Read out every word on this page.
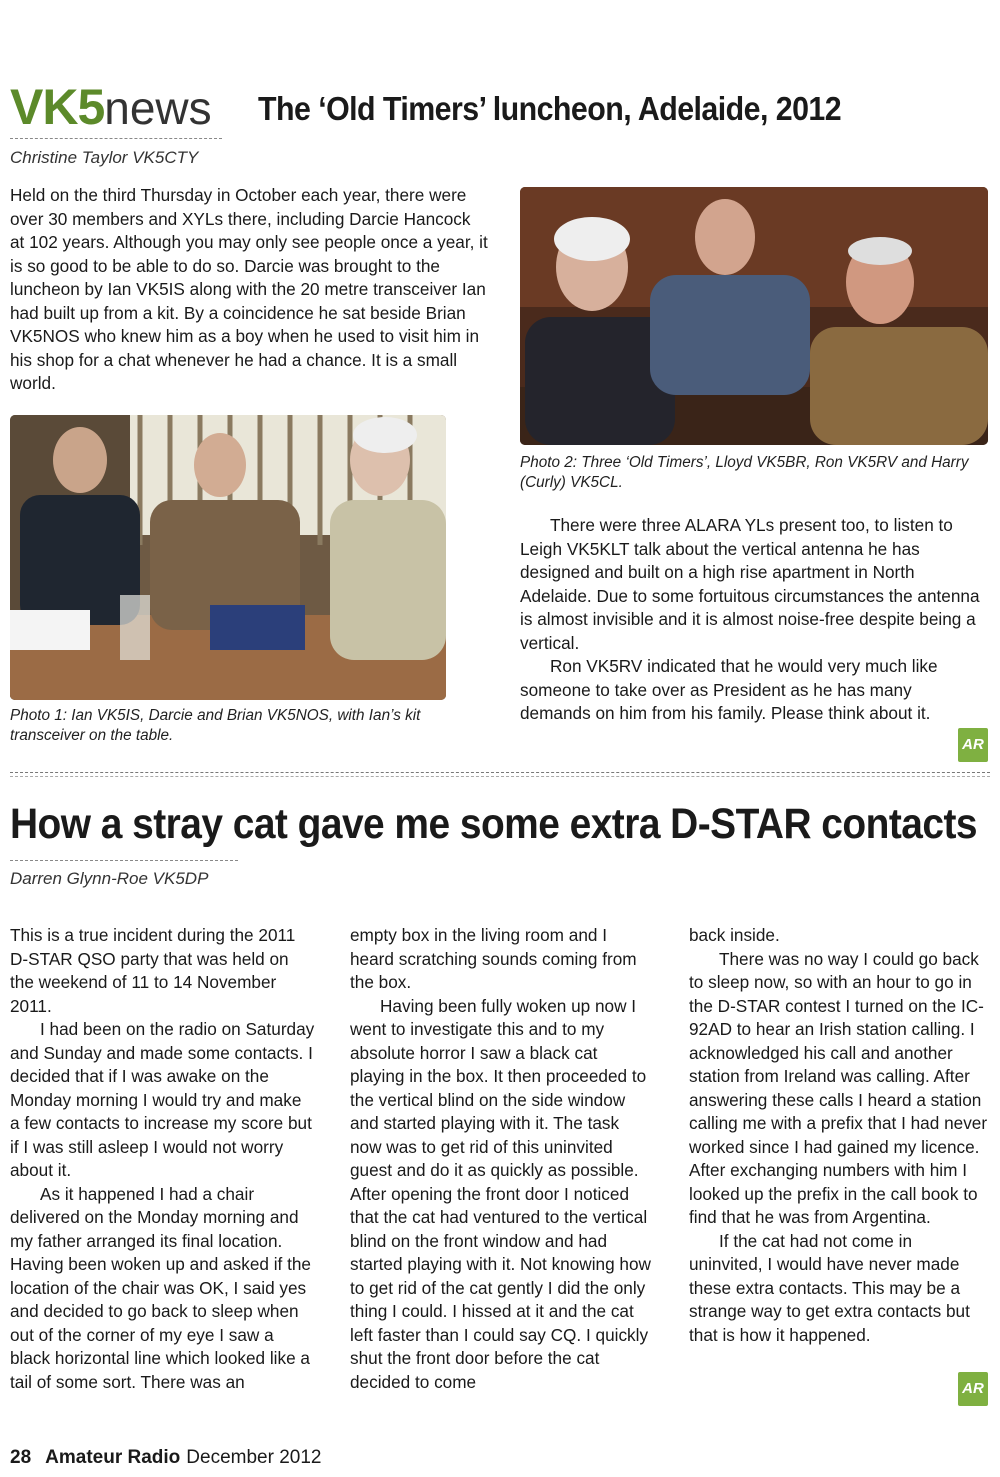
VK5news The ‘Old Timers’ luncheon, Adelaide, 2012
Christine Taylor VK5CTY

Held on the third Thursday in October each year, there were over 30 members and XYLs there, including Darcie Hancock at 102 years. Although you may only see people once a year, it is so good to be able to do so. Darcie was brought to the luncheon by Ian VK5IS along with the 20 metre transceiver Ian had built up from a kit. By a coincidence he sat beside Brian VK5NOS who knew him as a boy when he used to visit him in his shop for a chat whenever he had a chance. It is a small world.

Photo 1: Ian VK5IS, Darcie and Brian VK5NOS, with Ian’s kit transceiver on the table.
Photo 2: Three ‘Old Timers’, Lloyd VK5BR, Ron VK5RV and Harry (Curly) VK5CL.

There were three ALARA YLs present too, to listen to Leigh VK5KLT talk about the vertical antenna he has designed and built on a high rise apartment in North Adelaide. Due to some fortuitous circumstances the antenna is almost invisible and it is almost noise-free despite being a vertical.

Ron VK5RV indicated that he would very much like someone to take over as President as he has many demands on him from his family. Please think about it.

AR
How a stray cat gave me some extra D-STAR contacts
Darren Glynn-Roe VK5DP

This is a true incident during the 2011 D-STAR QSO party that was held on the weekend of 11 to 14 November 2011.

I had been on the radio on Saturday and Sunday and made some contacts. I decided that if I was awake on the Monday morning I would try and make a few contacts to increase my score but if I was still asleep I would not worry about it.

As it happened I had a chair delivered on the Monday morning and my father arranged its final location. Having been woken up and asked if the location of the chair was OK, I said yes and decided to go back to sleep when out of the corner of my eye I saw a black horizontal line which looked like a tail of some sort. There was an

empty box in the living room and I heard scratching sounds coming from the box.

Having been fully woken up now I went to investigate this and to my absolute horror I saw a black cat playing in the box. It then proceeded to the vertical blind on the side window and started playing with it. The task now was to get rid of this uninvited guest and do it as quickly as possible. After opening the front door I noticed that the cat had ventured to the vertical blind on the front window and had started playing with it. Not knowing how to get rid of the cat gently I did the only thing I could. I hissed at it and the cat left faster than I could say CQ. I quickly shut the front door before the cat decided to come

back inside.

There was no way I could go back to sleep now, so with an hour to go in the D-STAR contest I turned on the IC-92AD to hear an Irish station calling. I acknowledged his call and another station from Ireland was calling. After answering these calls I heard a station calling me with a prefix that I had never worked since I had gained my licence. After exchanging numbers with him I looked up the prefix in the call book to find that he was from Argentina.

If the cat had not come in uninvited, I would have never made these extra contacts. This may be a strange way to get extra contacts but that is how it happened.

AR
28 Amateur Radio December 2012
